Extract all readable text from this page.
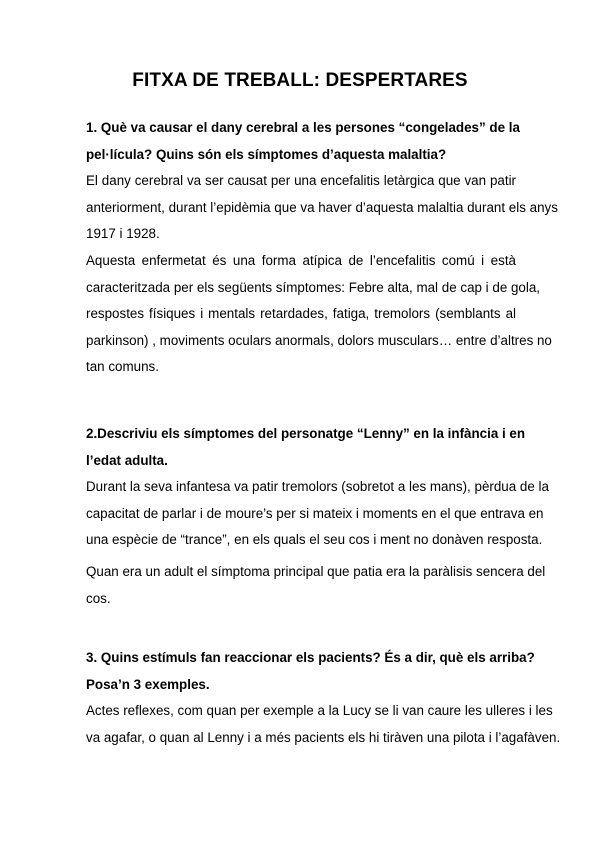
FITXA DE TREBALL: DESPERTARES
1. Què va causar el dany cerebral a les persones “congelades” de la
pel·lícula? Quins són els símptomes d’aquesta malaltia?
El dany cerebral va ser causat per una encefalitis letàrgica que van patir
anteriorment, durant l’epidèmia que va haver d’aquesta malaltia durant els anys
1917 i 1928.
Aquesta enfermetat és una forma atípica de l’encefalitis comú i està
caracteritzada per els següents símptomes: Febre alta, mal de cap i de gola,
respostes físiques i mentals retardades, fatiga, tremolors (semblants al
parkinson) , moviments oculars anormals, dolors musculars… entre d’altres no
tan comuns.
2.Descriviu els símptomes del personatge “Lenny” en la infància i en
l’edat adulta.
Durant la seva infantesa va patir tremolors (sobretot a les mans), pèrdua de la
capacitat de parlar i de moure’s per si mateix i moments en el que entrava en
una espècie de “trance”, en els quals el seu cos i ment no donàven resposta.
Quan era un adult el símptoma principal que patia era la paràlisis sencera del
cos.
3. Quins estímuls fan reaccionar els pacients? És a dir, què els arriba?
Posa’n 3 exemples.
Actes reflexes, com quan per exemple a la Lucy se li van caure les ulleres i les
va agafar, o quan al Lenny i a més pacients els hi tiràven una pilota i l’agafàven.
